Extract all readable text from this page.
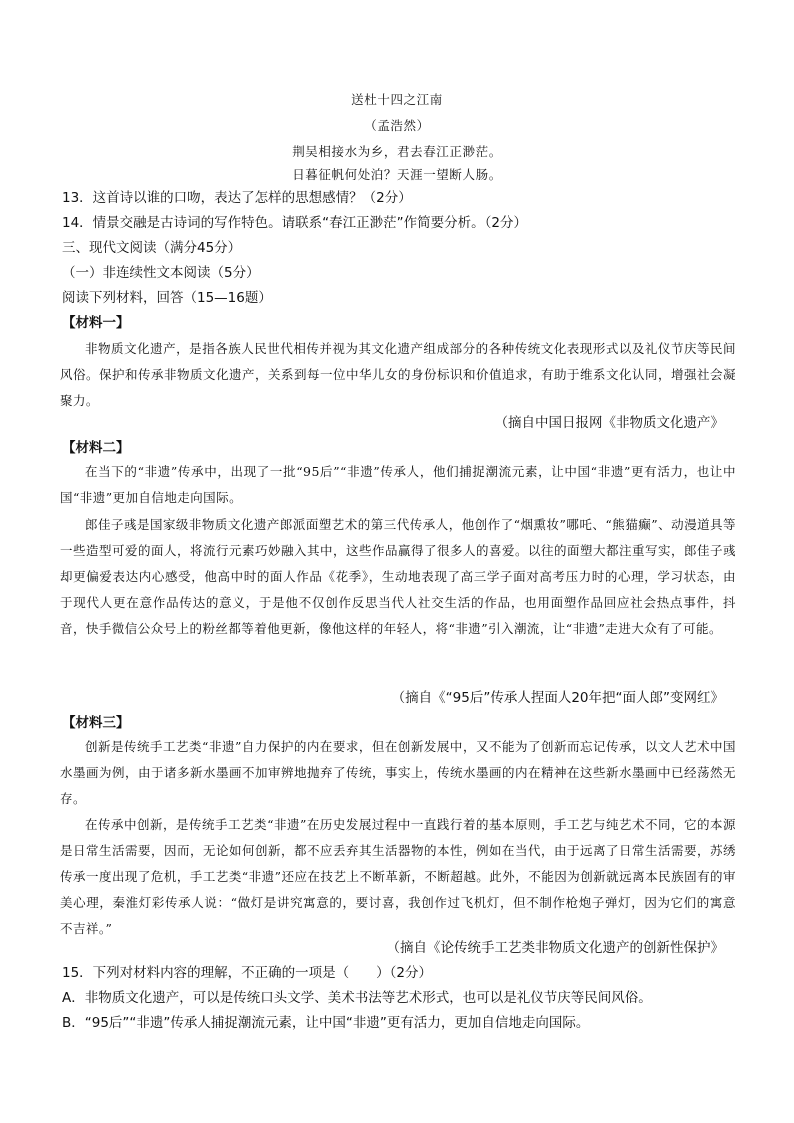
送杜十四之江南
（孟浩然）
荆吴相接水为乡，君去春江正渺茫。
日暮征帆何处泊？天涯一望断人肠。
13．这首诗以谁的口吻，表达了怎样的思想感情？（2分）
14．情景交融是古诗词的写作特色。请联系“春江正渺茫”作简要分析。（2分）
三、现代文阅读（满分45分）
（一）非连续性文本阅读（5分）
阅读下列材料，回答（15—16题）
【材料一】
非物质文化遗产，是指各族人民世代相传并视为其文化遗产组成部分的各种传统文化表现形式以及礼仪节庆等民间风俗。保护和传承非物质文化遗产，关系到每一位中华儿女的身份标识和价值追求，有助于维系文化认同，增强社会凝聚力。
（摘自中国日报网《非物质文化遗产》
【材料二】
在当下的“非遗”传承中，出现了一批“95后”“非遗”传承人，他们捕捉潮流元素，让中国“非遗”更有活力，也让中国“非遗”更加自信地走向国际。
郎佳子彧是国家级非物质文化遗产郎派面塑艺术的第三代传承人，他创作了“烟熏妆”哪吒、“熊猫癫”、动漫道具等一些造型可爱的面人，将流行元素巧妙融入其中，这些作品赢得了很多人的喜爱。以往的面塑大都注重写实，郎佳子彧却更偏爱表达内心感受，他高中时的面人作品《花季》，生动地表现了高三学子面对高考压力时的心理，学习状态，由于现代人更在意作品传达的意义，于是他不仅创作反思当代人社交生活的作品，也用面塑作品回应社会热点事件，抖音，快手微信公众号上的粉丝都等着他更新，像他这样的年轻人，将“非遗”引入潮流，让“非遗”走进大众有了可能。
（摘自《“95后”传承人捏面人20年把“面人郎”变网红》
【材料三】
创新是传统手工艺类“非遗”自力保护的内在要求，但在创新发展中，又不能为了创新而忘记传承，以文人艺术中国水墨画为例，由于诸多新水墨画不加审辨地抛弃了传统，事实上，传统水墨画的内在精神在这些新水墨画中已经荡然无存。
在传承中创新，是传统手工艺类“非遗”在历史发展过程中一直践行着的基本原则，手工艺与纯艺术不同，它的本源是日常生活需要，因而，无论如何创新，都不应丢弃其生活器物的本性，例如在当代，由于远离了日常生活需要，苏绣传承一度出现了危机，手工艺类“非遗”还应在技艺上不断革新，不断超越。此外，不能因为创新就远离本民族固有的审美心理，秦淮灯彩传承人说：“做灯是讲究寓意的，要讨喜，我创作过飞机灯，但不制作枪炮子弹灯，因为它们的寓意不吉祥。”
（摘自《论传统手工艺类非物质文化遗产的创新性保护》
15．下列对材料内容的理解，不正确的一项是（　　）（2分）
A．非物质文化遗产，可以是传统口头文学、美术书法等艺术形式，也可以是礼仪节庆等民间风俗。
B．“95后”“非遗”传承人捕捉潮流元素，让中国“非遗”更有活力，更加自信地走向国际。
